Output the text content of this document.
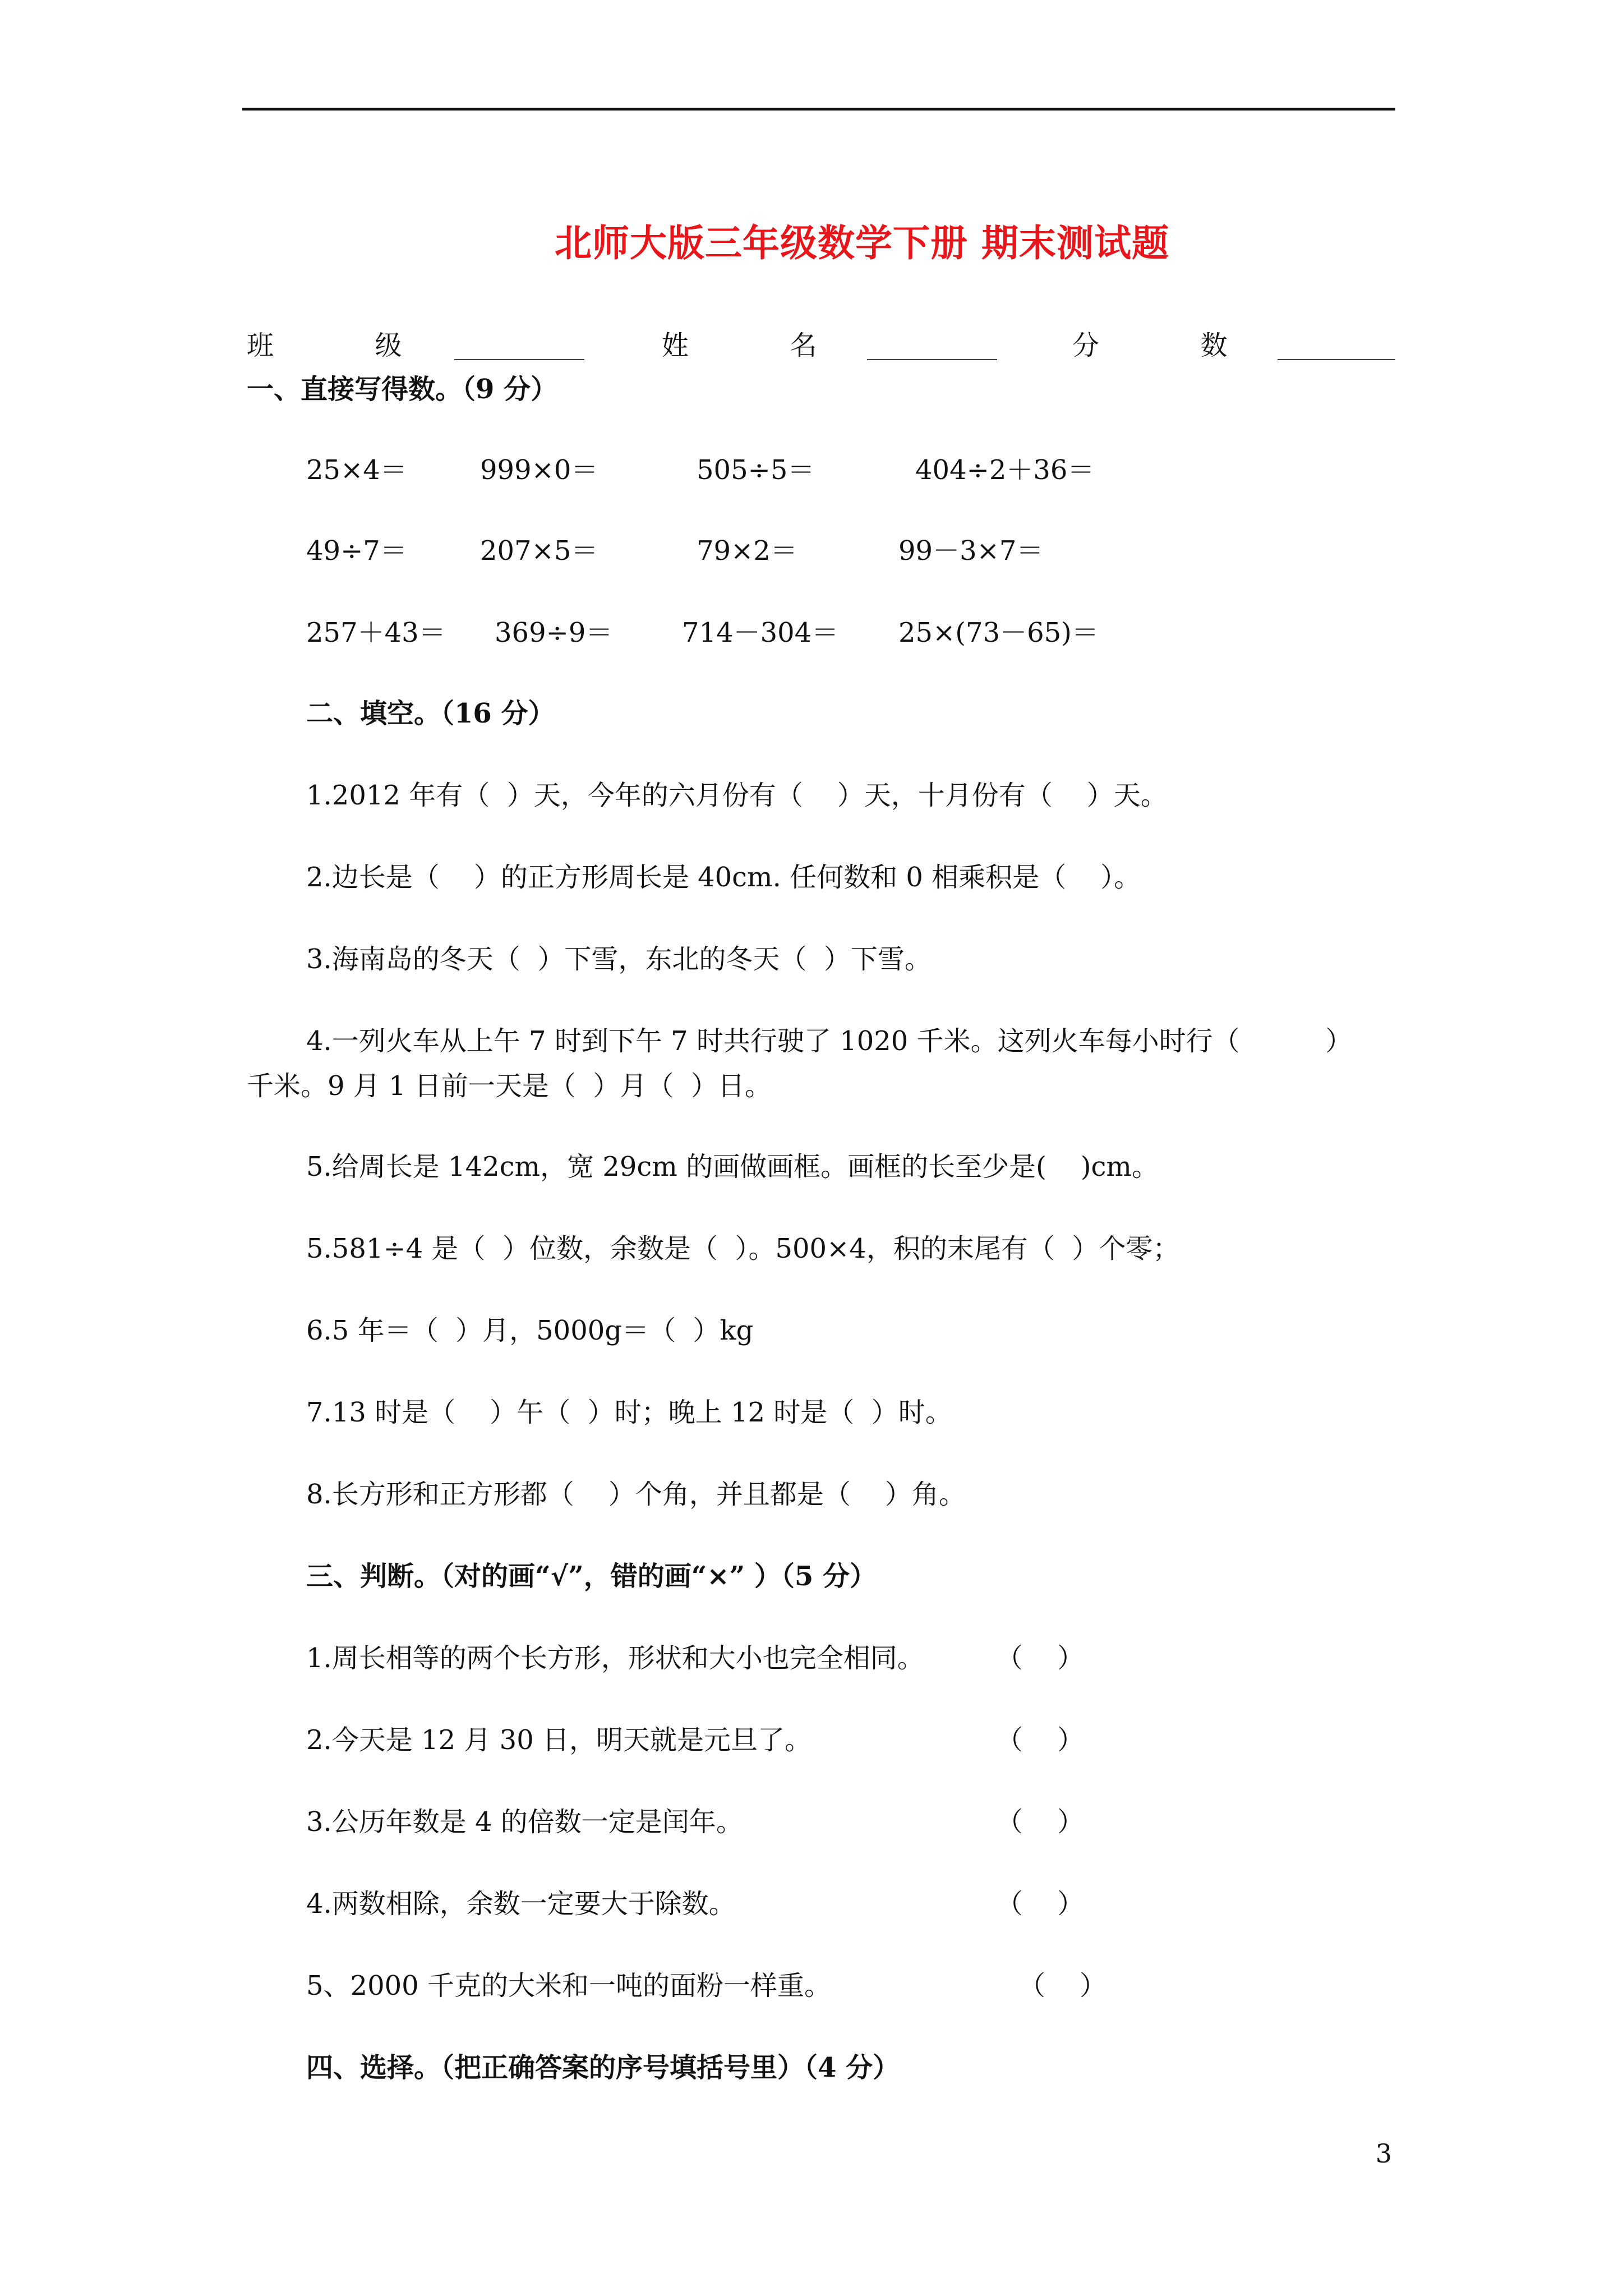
北师大版三年级数学下册 期末测试题
班  级	姓  名	分  数
一、直接写得数。（9 分）
25×4＝	999×0＝	505÷5＝	404÷2＋36＝
49÷7＝	207×5＝	79×2＝	99－3×7＝
257＋43＝ 369÷9＝	714－304＝ 25×(73－65)＝
二、填空。（16 分）
1.2012 年有（  ）天，今年的六月份有（    ）天，十月份有（    ）天。
2.边长是（    ）的正方形周长是 40cm. 任何数和 0 相乘积是（    ）。
3.海南岛的冬天（  ）下雪，东北的冬天（  ）下雪。
4.一列火车从上午 7 时到下午 7 时共行驶了 1020 千米。这列火车每小时行（          ）
千米。9 月 1 日前一天是（  ）月（  ）日。
5.给周长是 142cm，宽 29cm 的画做画框。画框的长至少是(    )cm。
5.581÷4 是（  ）位数，余数是（  ）。500×4，积的末尾有（  ）个零；
6.5 年＝（  ）月，5000g＝（  ）kg
7.13 时是（    ）午（  ）时；晚上 12 时是（  ）时。
8.长方形和正方形都（    ）个角，并且都是（    ）角。
三、判断。（对的画“√”，错的画“×” ）（5 分）
1.周长相等的两个长方形，形状和大小也完全相同。	（    ）
2.今天是 12 月 30 日，明天就是元旦了。	（    ）
3.公历年数是 4 的倍数一定是闰年。	（    ）
4.两数相除，余数一定要大于除数。	（    ）
5、2000 千克的大米和一吨的面粉一样重。	（    ）
四、选择。（把正确答案的序号填括号里）（4 分）
3
